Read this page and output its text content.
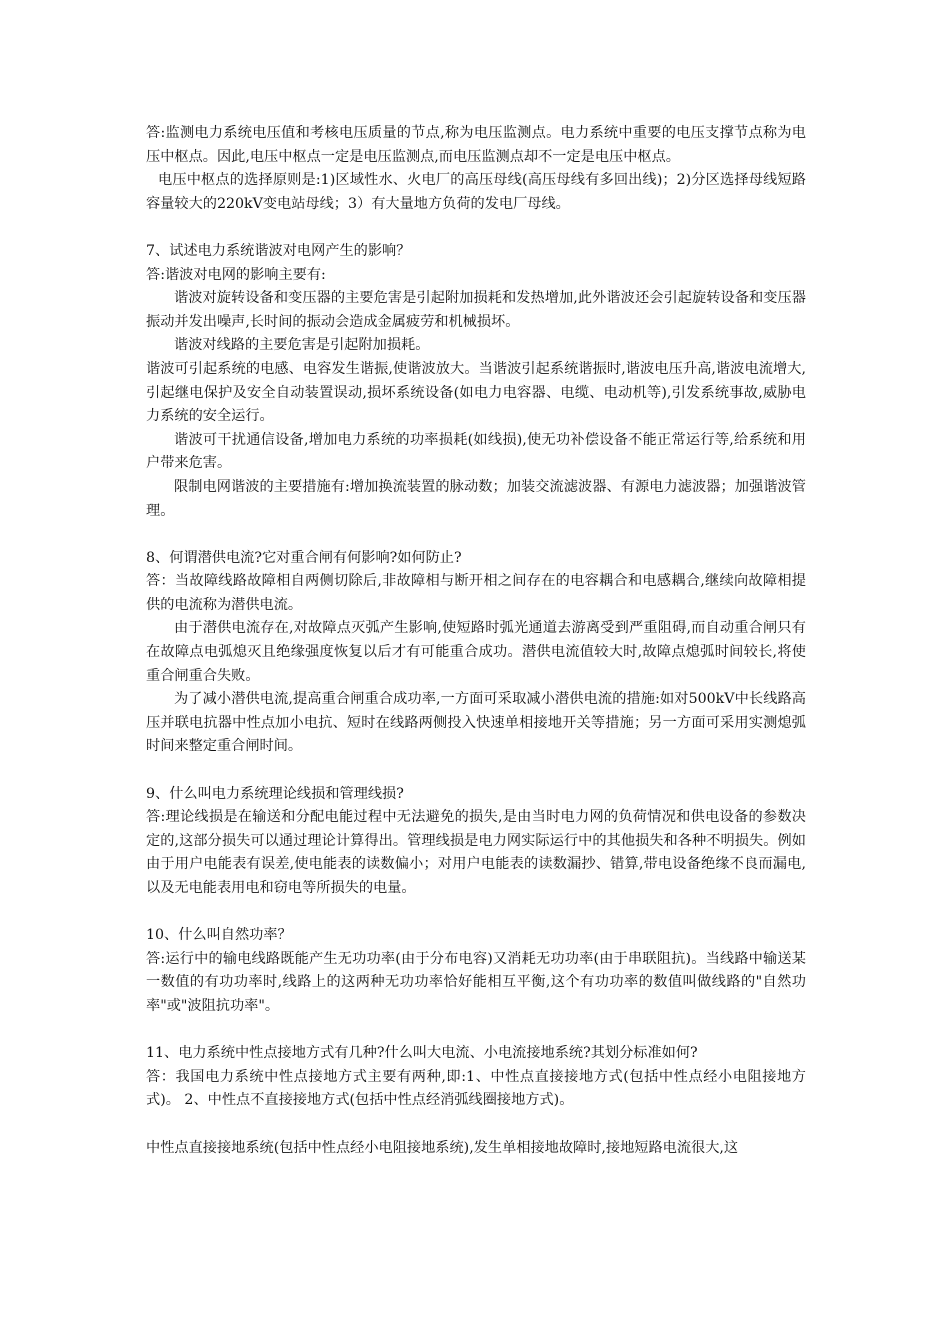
答:监测电力系统电压值和考核电压质量的节点,称为电压监测点。电力系统中重要的电压支撑节点称为电压中枢点。因此,电压中枢点一定是电压监测点,而电压监测点却不一定是电压中枢点。

电压中枢点的选择原则是:1)区域性水、火电厂的高压母线(高压母线有多回出线)；2)分区选择母线短路容量较大的220kV变电站母线；3）有大量地方负荷的发电厂母线。

7、试述电力系统谐波对电网产生的影响？

答:谐波对电网的影响主要有:

谐波对旋转设备和变压器的主要危害是引起附加损耗和发热增加,此外谐波还会引起旋转设备和变压器振动并发出噪声,长时间的振动会造成金属疲劳和机械损坏。

谐波对线路的主要危害是引起附加损耗。

谐波可引起系统的电感、电容发生谐振,使谐波放大。当谐波引起系统谐振时,谐波电压升高,谐波电流增大,引起继电保护及安全自动装置误动,损坏系统设备(如电力电容器、电缆、电动机等),引发系统事故,威胁电力系统的安全运行。

谐波可干扰通信设备,增加电力系统的功率损耗(如线损),使无功补偿设备不能正常运行等,给系统和用户带来危害。

限制电网谐波的主要措施有:增加换流装置的脉动数；加装交流滤波器、有源电力滤波器；加强谐波管理。

8、何谓潜供电流?它对重合闸有何影响?如何防止?

答：当故障线路故障相自两侧切除后,非故障相与断开相之间存在的电容耦合和电感耦合,继续向故障相提供的电流称为潜供电流。

由于潜供电流存在,对故障点灭弧产生影响,使短路时弧光通道去游离受到严重阻碍,而自动重合闸只有在故障点电弧熄灭且绝缘强度恢复以后才有可能重合成功。潜供电流值较大时,故障点熄弧时间较长,将使重合闸重合失败。

为了减小潜供电流,提高重合闸重合成功率,一方面可采取减小潜供电流的措施:如对500kV中长线路高压并联电抗器中性点加小电抗、短时在线路两侧投入快速单相接地开关等措施；另一方面可采用实测熄弧时间来整定重合闸时间。

9、什么叫电力系统理论线损和管理线损?

答:理论线损是在输送和分配电能过程中无法避免的损失,是由当时电力网的负荷情况和供电设备的参数决定的,这部分损失可以通过理论计算得出。管理线损是电力网实际运行中的其他损失和各种不明损失。例如由于用户电能表有误差,使电能表的读数偏小；对用户电能表的读数漏抄、错算,带电设备绝缘不良而漏电,以及无电能表用电和窃电等所损失的电量。

10、什么叫自然功率？

答:运行中的输电线路既能产生无功功率(由于分布电容)又消耗无功功率(由于串联阻抗)。当线路中输送某一数值的有功功率时,线路上的这两种无功功率恰好能相互平衡,这个有功功率的数值叫做线路的"自然功率"或"波阻抗功率"。

11、电力系统中性点接地方式有几种?什么叫大电流、小电流接地系统?其划分标准如何?

答：我国电力系统中性点接地方式主要有两种,即:1、中性点直接接地方式(包括中性点经小电阻接地方式)。 2、中性点不直接接地方式(包括中性点经消弧线圈接地方式)。

中性点直接接地系统(包括中性点经小电阻接地系统),发生单相接地故障时,接地短路电流很大,这
